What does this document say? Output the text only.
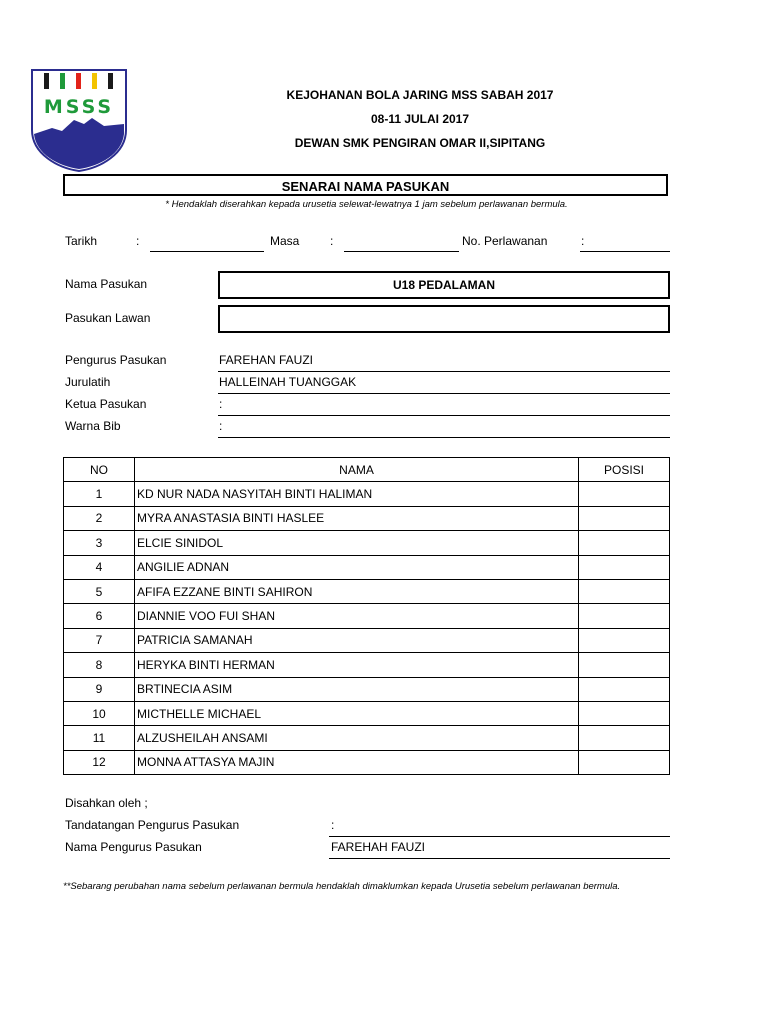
MSSS
KEJOHANAN BOLA JARING MSS SABAH 2017
08-11 JULAI 2017
DEWAN SMK PENGIRAN OMAR II,SIPITANG
SENARAI NAMA PASUKAN
* Hendaklah diserahkan kepada urusetia selewat-lewatnya 1 jam sebelum perlawanan bermula.
Tarikh	:	Masa	:	No. Perlawanan	:
Nama Pasukan	U18 PEDALAMAN
Pasukan Lawan
Pengurus Pasukan	FAREHAN FAUZI
Jurulatih	HALLEINAH TUANGGAK
Ketua Pasukan	:
Warna Bib	:
NO	NAMA	POSISI
1	KD NUR NADA NASYITAH BINTI HALIMAN	
2	MYRA ANASTASIA BINTI HASLEE	
3	ELCIE SINIDOL	
4	ANGILIE ADNAN	
5	AFIFA EZZANE BINTI SAHIRON	
6	DIANNIE VOO FUI SHAN	
7	PATRICIA SAMANAH	
8	HERYKA BINTI HERMAN	
9	BRTINECIA ASIM	
10	MICTHELLE MICHAEL	
11	ALZUSHEILAH ANSAMI	
12	MONNA ATTASYA MAJIN	
Disahkan oleh ;
Tandatangan Pengurus Pasukan	:
Nama Pengurus Pasukan	FAREHAH FAUZI
**Sebarang perubahan nama sebelum perlawanan bermula hendaklah dimaklumkan kepada Urusetia sebelum perlawanan bermula.
